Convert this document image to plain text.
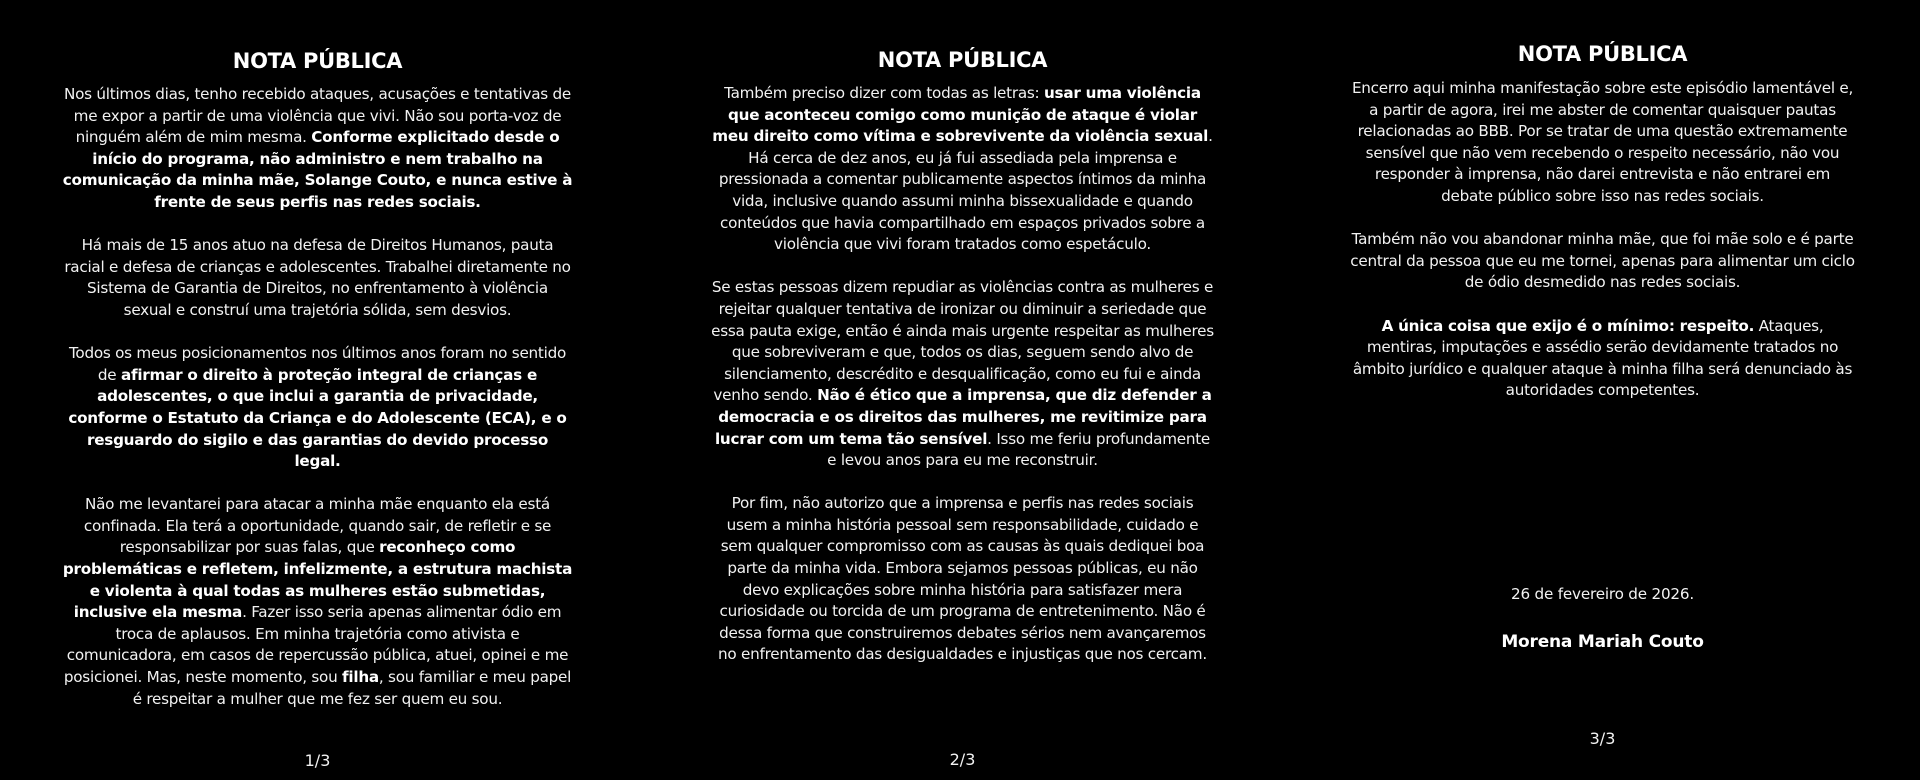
NOTA PÚBLICA

Nos últimos dias, tenho recebido ataques, acusações e tentativas de me expor a partir de uma violência que vivi. Não sou porta-voz de ninguém além de mim mesma. Conforme explicitado desde o início do programa, não administro e nem trabalho na comunicação da minha mãe, Solange Couto, e nunca estive à frente de seus perfis nas redes sociais.

Há mais de 15 anos atuo na defesa de Direitos Humanos, pauta racial e defesa de crianças e adolescentes. Trabalhei diretamente no Sistema de Garantia de Direitos, no enfrentamento à violência sexual e construí uma trajetória sólida, sem desvios.

Todos os meus posicionamentos nos últimos anos foram no sentido de afirmar o direito à proteção integral de crianças e adolescentes, o que inclui a garantia de privacidade, conforme o Estatuto da Criança e do Adolescente (ECA), e o resguardo do sigilo e das garantias do devido processo legal.

Não me levantarei para atacar a minha mãe enquanto ela está confinada. Ela terá a oportunidade, quando sair, de refletir e se responsabilizar por suas falas, que reconheço como problemáticas e refletem, infelizmente, a estrutura machista e violenta à qual todas as mulheres estão submetidas, inclusive ela mesma. Fazer isso seria apenas alimentar ódio em troca de aplausos. Em minha trajetória como ativista e comunicadora, em casos de repercussão pública, atuei, opinei e me posicionei. Mas, neste momento, sou filha, sou familiar e meu papel é respeitar a mulher que me fez ser quem eu sou.

1/3
NOTA PÚBLICA

Também preciso dizer com todas as letras: usar uma violência que aconteceu comigo como munição de ataque é violar meu direito como vítima e sobrevivente da violência sexual. Há cerca de dez anos, eu já fui assediada pela imprensa e pressionada a comentar publicamente aspectos íntimos da minha vida, inclusive quando assumi minha bissexualidade e quando conteúdos que havia compartilhado em espaços privados sobre a violência que vivi foram tratados como espetáculo.

Se estas pessoas dizem repudiar as violências contra as mulheres e rejeitar qualquer tentativa de ironizar ou diminuir a seriedade que essa pauta exige, então é ainda mais urgente respeitar as mulheres que sobreviveram e que, todos os dias, seguem sendo alvo de silenciamento, descrédito e desqualificação, como eu fui e ainda venho sendo. Não é ético que a imprensa, que diz defender a democracia e os direitos das mulheres, me revitimize para lucrar com um tema tão sensível. Isso me feriu profundamente e levou anos para eu me reconstruir.

Por fim, não autorizo que a imprensa e perfis nas redes sociais usem a minha história pessoal sem responsabilidade, cuidado e sem qualquer compromisso com as causas às quais dediquei boa parte da minha vida. Embora sejamos pessoas públicas, eu não devo explicações sobre minha história para satisfazer mera curiosidade ou torcida de um programa de entretenimento. Não é dessa forma que construiremos debates sérios nem avançaremos no enfrentamento das desigualdades e injustiças que nos cercam.

2/3
NOTA PÚBLICA

Encerro aqui minha manifestação sobre este episódio lamentável e, a partir de agora, irei me abster de comentar quaisquer pautas relacionadas ao BBB. Por se tratar de uma questão extremamente sensível que não vem recebendo o respeito necessário, não vou responder à imprensa, não darei entrevista e não entrarei em debate público sobre isso nas redes sociais.

Também não vou abandonar minha mãe, que foi mãe solo e é parte central da pessoa que eu me tornei, apenas para alimentar um ciclo de ódio desmedido nas redes sociais.

A única coisa que exijo é o mínimo: respeito. Ataques, mentiras, imputações e assédio serão devidamente tratados no âmbito jurídico e qualquer ataque à minha filha será denunciado às autoridades competentes.

26 de fevereiro de 2026.
Morena Mariah Couto
3/3
